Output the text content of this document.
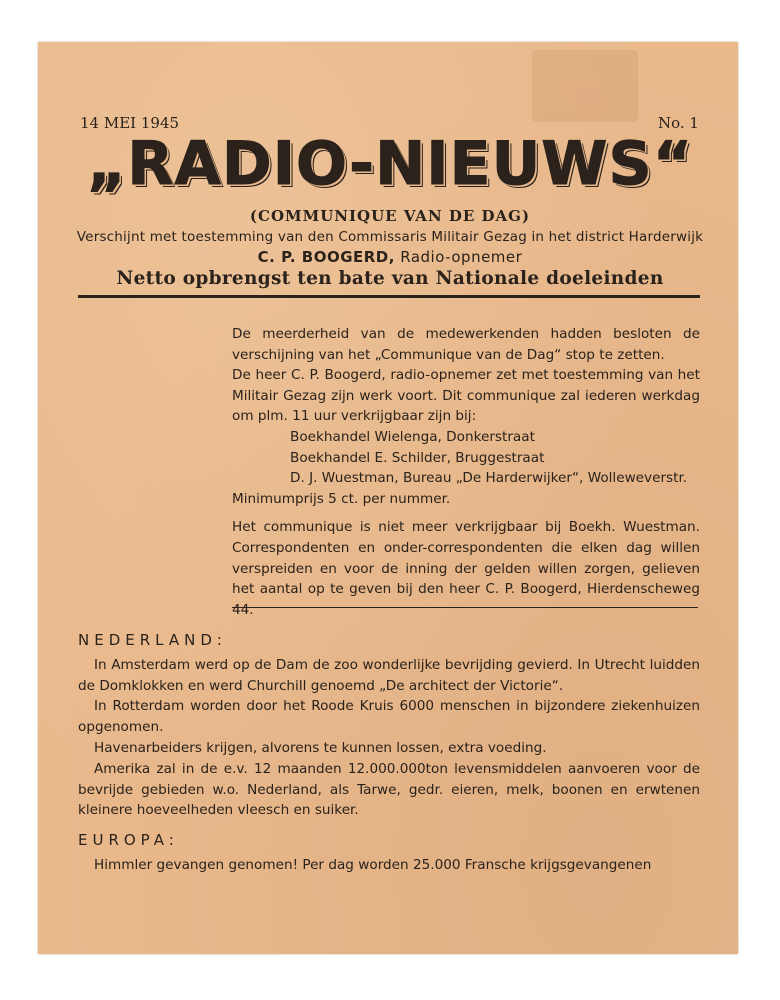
14 MEI 1945	No. 1
„RADIO-NIEUWS“
(COMMUNIQUE VAN DE DAG)
Verschijnt met toestemming van den Commissaris Militair Gezag in het district Harderwijk
C. P. BOOGERD, Radio-opnemer
Netto opbrengst ten bate van Nationale doeleinden

De meerderheid van de medewerkenden hadden besloten de verschijning van het „Communique van de Dag“ stop te zetten.

De heer C. P. Boogerd, radio-opnemer zet met toestemming van het Militair Gezag zijn werk voort. Dit communique zal iederen werkdag om plm. 11 uur verkrijgbaar zijn bij:

Boekhandel Wielenga, Donkerstraat
Boekhandel E. Schilder, Bruggestraat
D. J. Wuestman, Bureau „De Harderwijker“, Wolleweverstr.

Minimumprijs 5 ct. per nummer.

Het communique is niet meer verkrijgbaar bij Boekh. Wuestman. Correspondenten en onder-correspondenten die elken dag willen verspreiden en voor de inning der gelden willen zorgen, gelieven het aantal op te geven bij den heer C. P. Boogerd, Hierdenscheweg 44.

NEDERLAND:

In Amsterdam werd op de Dam de zoo wonderlijke bevrijding gevierd. In Utrecht luidden de Domklokken en werd Churchill genoemd „De architect der Victorie“.

In Rotterdam worden door het Roode Kruis 6000 menschen in bijzondere ziekenhuizen opgenomen.

Havenarbeiders krijgen, alvorens te kunnen lossen, extra voeding.

Amerika zal in de e.v. 12 maanden 12.000.000ton levensmiddelen aanvoeren voor de bevrijde gebieden w.o. Nederland, als Tarwe, gedr. eieren, melk, boonen en erwtenen kleinere hoeveelheden vleesch en suiker.

EUROPA:

Himmler gevangen genomen! Per dag worden 25.000 Fransche krijgsgevangenen
